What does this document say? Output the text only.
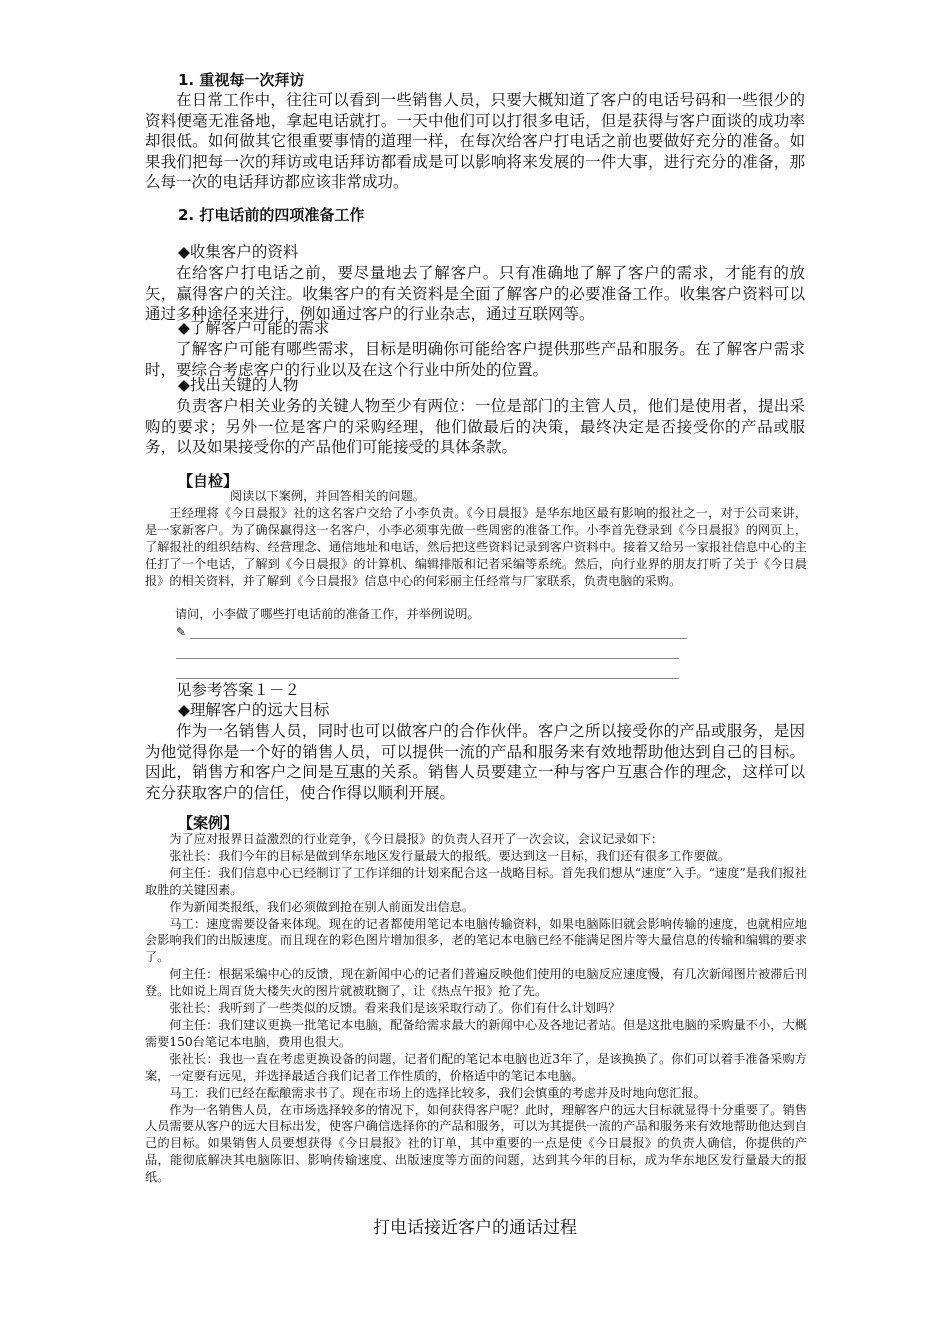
1. 重视每一次拜访

在日常工作中，往往可以看到一些销售人员，只要大概知道了客户的电话号码和一些很少的资料便毫无准备地，拿起电话就打。一天中他们可以打很多电话，但是获得与客户面谈的成功率却很低。如何做其它很重要事情的道理一样，在每次给客户打电话之前也要做好充分的准备。如果我们把每一次的拜访或电话拜访都看成是可以影响将来发展的一件大事，进行充分的准备，那么每一次的电话拜访都应该非常成功。

2. 打电话前的四项准备工作
◆收集客户的资料

在给客户打电话之前，要尽量地去了解客户。只有准确地了解了客户的需求，才能有的放矢，赢得客户的关注。收集客户的有关资料是全面了解客户的必要准备工作。收集客户资料可以通过多种途径来进行，例如通过客户的行业杂志，通过互联网等。

◆了解客户可能的需求

了解客户可能有哪些需求，目标是明确你可能给客户提供那些产品和服务。在了解客户需求时，要综合考虑客户的行业以及在这个行业中所处的位置。

◆找出关键的人物

负责客户相关业务的关键人物至少有两位：一位是部门的主管人员，他们是使用者，提出采购的要求；另外一位是客户的采购经理，他们做最后的决策，最终决定是否接受你的产品或服务，以及如果接受你的产品他们可能接受的具体条款。

【自检】
阅读以下案例，并回答相关的问题。

王经理将《今日晨报》社的这名客户交给了小李负责。《今日晨报》是华东地区最有影响的报社之一，对于公司来讲，是一家新客户。为了确保赢得这一名客户，小李必须事先做一些周密的准备工作。小李首先登录到《今日晨报》的网页上，了解报社的组织结构、经营理念、通信地址和电话，然后把这些资料记录到客户资料中。接着又给另一家报社信息中心的主任打了一个电话，了解到《今日晨报》的计算机、编辑排版和记者采编等系统。然后，向行业界的朋友打听了关于《今日晨报》的相关资料，并了解到《今日晨报》信息中心的何彩丽主任经常与厂家联系，负责电脑的采购。

请问，小李做了哪些打电话前的准备工作，并举例说明。
✎
见参考答案１－２
◆理解客户的远大目标

作为一名销售人员，同时也可以做客户的合作伙伴。客户之所以接受你的产品或服务，是因为他觉得你是一个好的销售人员，可以提供一流的产品和服务来有效地帮助他达到自己的目标。因此，销售方和客户之间是互惠的关系。销售人员要建立一种与客户互惠合作的理念，这样可以充分获取客户的信任，使合作得以顺利开展。

【案例】

为了应对报界日益激烈的行业竞争，《今日晨报》的负责人召开了一次会议，会议记录如下：

张社长：我们今年的目标是做到华东地区发行量最大的报纸。要达到这一目标，我们还有很多工作要做。

何主任：我们信息中心已经制订了工作详细的计划来配合这一战略目标。首先我们想从“速度”入手。“速度”是我们报社取胜的关键因素。

作为新闻类报纸，我们必须做到抢在别人前面发出信息。

马工：速度需要设备来体现。现在的记者都使用笔记本电脑传输资料，如果电脑陈旧就会影响传输的速度，也就相应地会影响我们的出版速度。而且现在的彩色图片增加很多，老的笔记本电脑已经不能满足图片等大量信息的传输和编辑的要求了。

何主任：根据采编中心的反馈，现在新闻中心的记者们普遍反映他们使用的电脑反应速度慢，有几次新闻图片被滞后刊登。比如说上周百货大楼失火的图片就被耽搁了，让《热点午报》抢了先。

张社长：我听到了一些类似的反馈。看来我们是该采取行动了。你们有什么计划吗？

何主任：我们建议更换一批笔记本电脑，配备给需求最大的新闻中心及各地记者站。但是这批电脑的采购量不小，大概需要150台笔记本电脑，费用也很大。

张社长：我也一直在考虑更换设备的问题，记者们配的笔记本电脑也近3年了，是该换换了。你们可以着手准备采购方案，一定要有远见，并选择最适合我们记者工作性质的，价格适中的笔记本电脑。

马工：我们已经在酝酿需求书了。现在市场上的选择比较多，我们会慎重的考虑并及时地向您汇报。

作为一名销售人员，在市场选择较多的情况下，如何获得客户呢？此时，理解客户的远大目标就显得十分重要了。销售人员需要从客户的远大目标出发，使客户确信选择你的产品和服务，可以为其提供一流的产品和服务来有效地帮助他达到自己的目标。如果销售人员要想获得《今日晨报》社的订单，其中重要的一点是使《今日晨报》的负责人确信，你提供的产品，能彻底解决其电脑陈旧、影响传输速度、出版速度等方面的问题，达到其今年的目标，成为华东地区发行量最大的报纸。

打电话接近客户的通话过程
